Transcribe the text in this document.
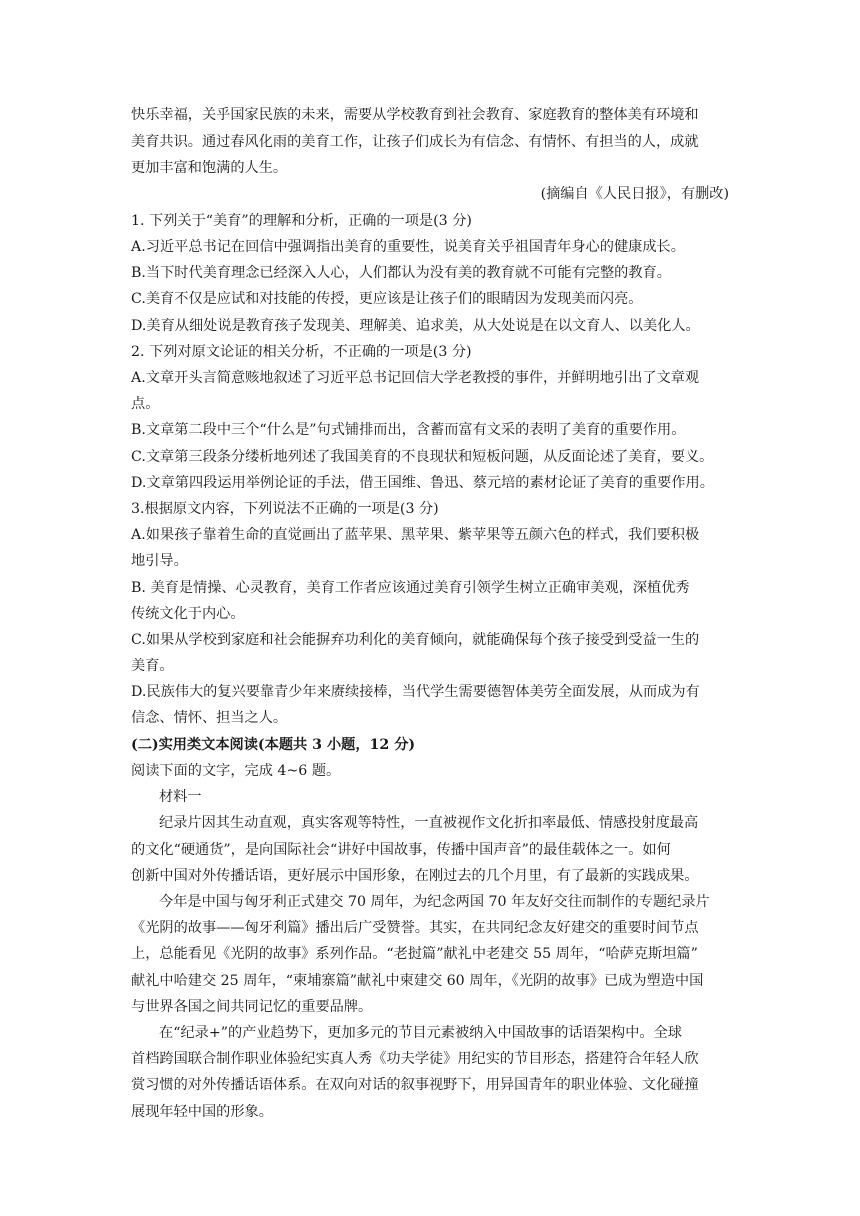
快乐幸福，关乎国家民族的未来，需要从学校教育到社会教育、家庭教育的整体美有环境和
美育共识。通过春风化雨的美育工作，让孩子们成长为有信念、有情怀、有担当的人，成就
更加丰富和饱满的人生。
(摘编自《人民日报》，有删改)
1. 下列关于“美育”的理解和分析，正确的一项是(3 分)
A.习近平总书记在回信中强调指出美育的重要性，说美育关乎祖国青年身心的健康成长。
B.当下时代美育理念已经深入人心，人们都认为没有美的教育就不可能有完整的教育。
C.美育不仅是应试和对技能的传授，更应该是让孩子们的眼睛因为发现美而闪亮。
D.美育从细处说是教育孩子发现美、理解美、追求美，从大处说是在以文育人、以美化人。
2. 下列对原文论证的相关分析，不正确的一项是(3 分)
A.文章开头言简意赅地叙述了习近平总书记回信大学老教授的事件，并鲜明地引出了文章观
点。
B.文章第二段中三个“什么是”句式铺排而出，含蓄而富有文采的表明了美育的重要作用。
C.文章第三段条分缕析地列述了我国美育的不良现状和短板问题，从反面论述了美育，要义。
D.文章第四段运用举例论证的手法，借王国维、鲁迅、蔡元培的素材论证了美育的重要作用。
3.根据原文内容，下列说法不正确的一项是(3 分)
A.如果孩子靠着生命的直觉画出了蓝苹果、黑苹果、紫苹果等五颜六色的样式，我们要积极
地引导。
B. 美育是情操、心灵教育，美育工作者应该通过美育引领学生树立正确审美观，深植优秀
传统文化于内心。
C.如果从学校到家庭和社会能摒弃功利化的美育倾向，就能确保每个孩子接受到受益一生的
美育。
D.民族伟大的复兴要靠青少年来赓续接棒，当代学生需要德智体美劳全面发展，从而成为有
信念、情怀、担当之人。
(二)实用类文本阅读(本题共 3 小题，12 分)
阅读下面的文字，完成 4~6 题。
材料一
纪录片因其生动直观，真实客观等特性，一直被视作文化折扣率最低、情感投射度最高
的文化“硬通货”，是向国际社会“讲好中国故事，传播中国声音”的最佳载体之一。如何
创新中国对外传播话语，更好展示中国形象，在刚过去的几个月里，有了最新的实践成果。
今年是中国与匈牙利正式建交 70 周年，为纪念两国 70 年友好交往而制作的专题纪录片
《光阴的故事——匈牙利篇》播出后广受赞誉。其实，在共同纪念友好建交的重要时间节点
上，总能看见《光阴的故事》系列作品。“老挝篇”献礼中老建交 55 周年，“哈萨克斯坦篇”
献礼中哈建交 25 周年，“柬埔寨篇”献礼中柬建交 60 周年，《光阴的故事》已成为塑造中国
与世界各国之间共同记忆的重要品牌。
在“纪录+”的产业趋势下，更加多元的节目元素被纳入中国故事的话语架构中。全球
首档跨国联合制作职业体验纪实真人秀《功夫学徒》用纪实的节目形态，搭建符合年轻人欣
赏习惯的对外传播话语体系。在双向对话的叙事视野下，用异国青年的职业体验、文化碰撞
展现年轻中国的形象。
